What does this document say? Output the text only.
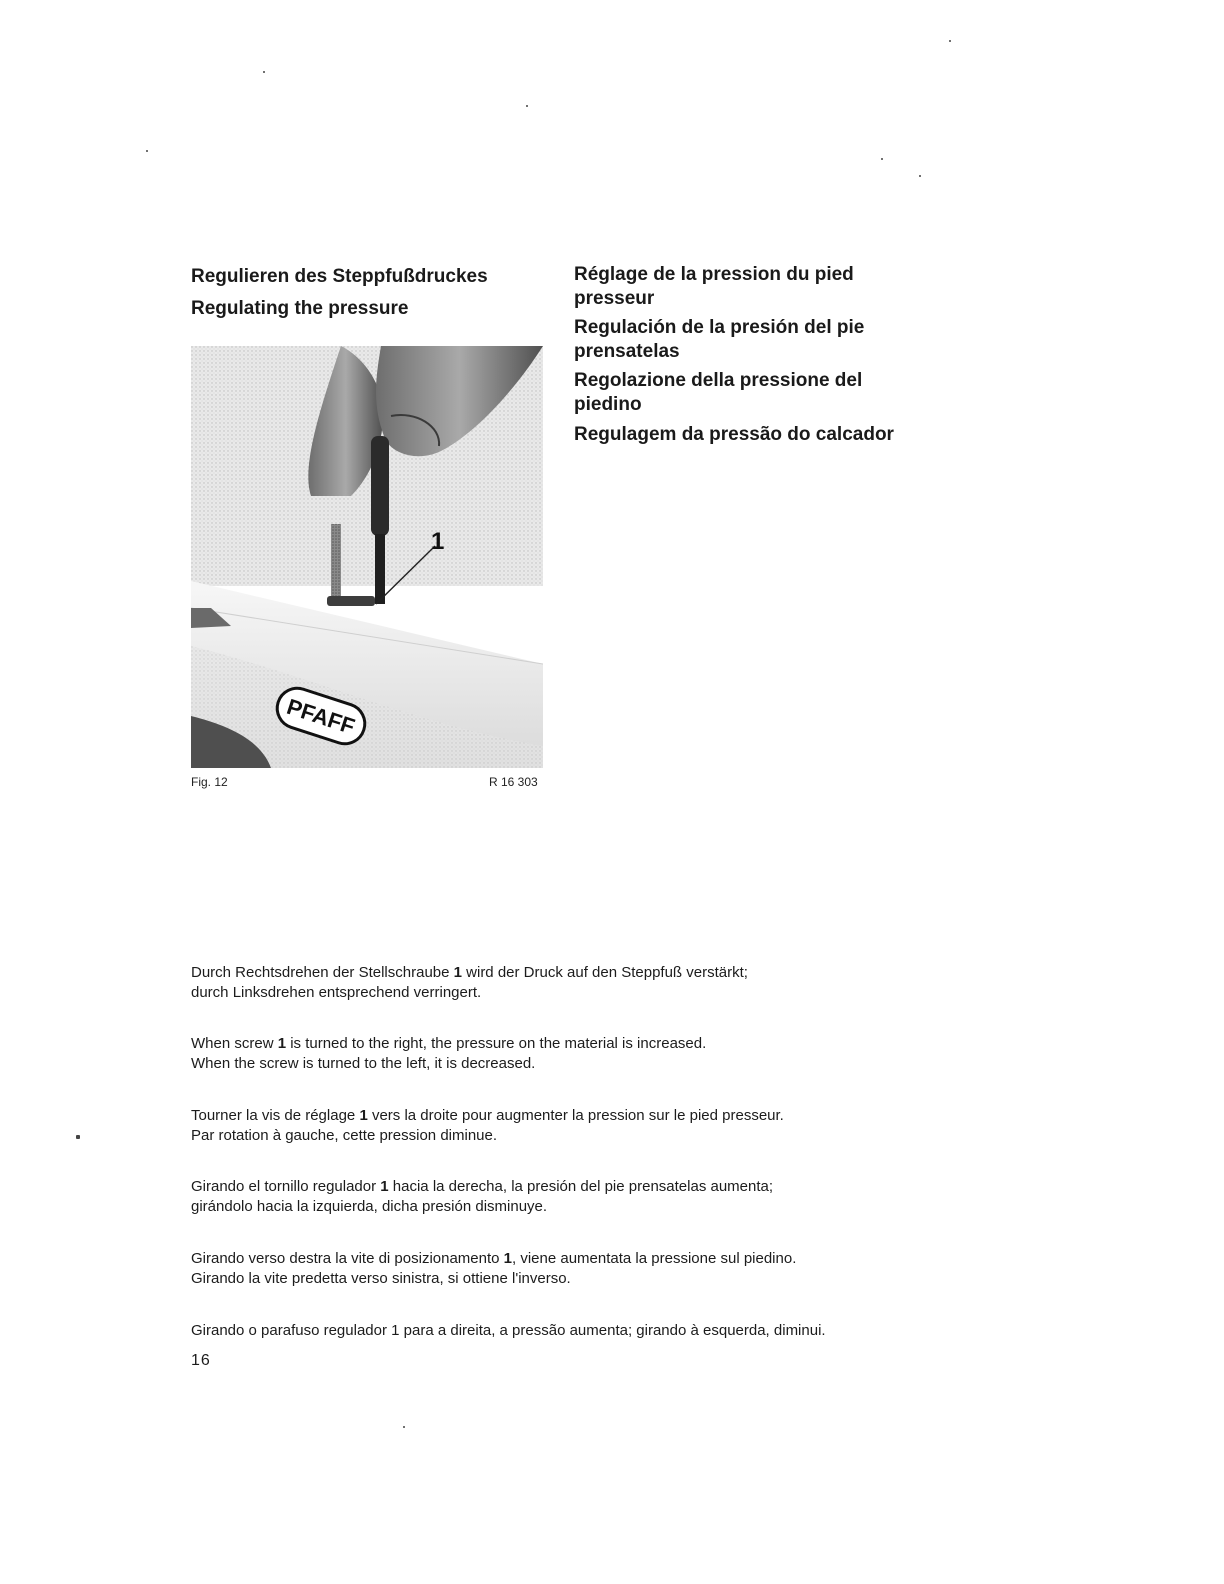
Regulieren des Steppfußdruckes
Regulating the pressure
Réglage de la pression du pied presseur
Regulación de la presión del pie prensatelas
Regolazione della pressione del piedino
Regulagem da pressão do calcador
1
PFAFF
Fig. 12	R 16 303

Durch Rechtsdrehen der Stellschraube 1 wird der Druck auf den Steppfuß verstärkt;
durch Linksdrehen entsprechend verringert.

When screw 1 is turned to the right, the pressure on the material is increased.
When the screw is turned to the left, it is decreased.

Tourner la vis de réglage 1 vers la droite pour augmenter la pression sur le pied presseur.
Par rotation à gauche, cette pression diminue.

Girando el tornillo regulador 1 hacia la derecha, la presión del pie prensatelas aumenta;
girándolo hacia la izquierda, dicha presión disminuye.

Girando verso destra la vite di posizionamento 1, viene aumentata la pressione sul piedino.
Girando la vite predetta verso sinistra, si ottiene l'inverso.

Girando o parafuso regulador 1 para a direita, a pressão aumenta; girando à esquerda, diminui.

16
